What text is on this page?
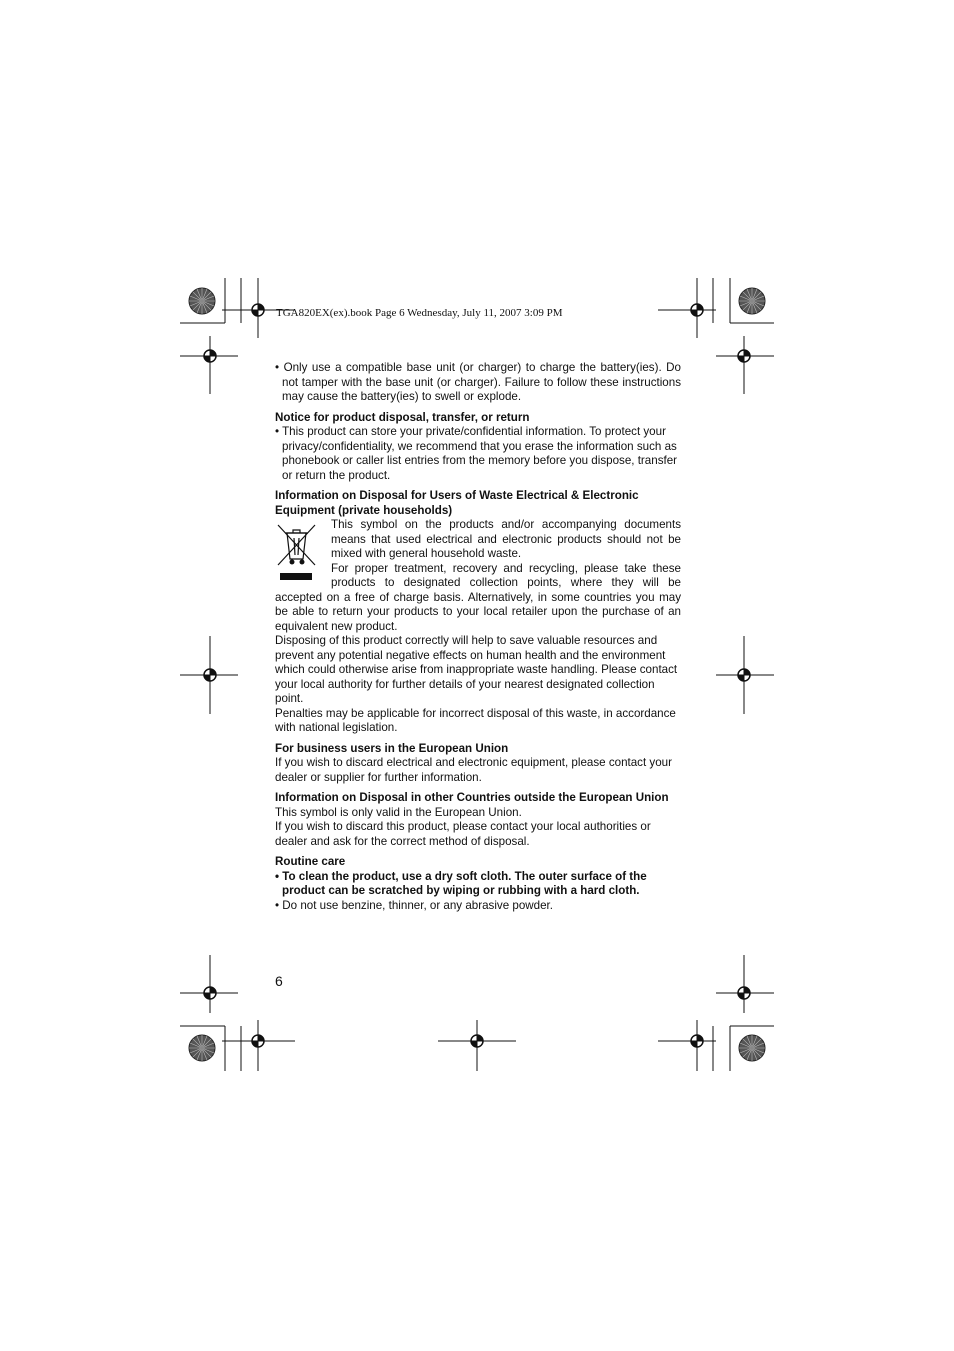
TGA820EX(ex).book Page 6 Wednesday, July 11, 2007 3:09 PM

• Only use a compatible base unit (or charger) to charge the battery(ies). Do not tamper with the base unit (or charger). Failure to follow these instructions may cause the battery(ies) to swell or explode.

Notice for product disposal, transfer, or return

• This product can store your private/confidential information. To protect your privacy/confidentiality, we recommend that you erase the information such as phonebook or caller list entries from the memory before you dispose, transfer or return the product.

Information on Disposal for Users of Waste Electrical & Electronic Equipment (private households)

This symbol on the products and/or accompanying documents means that used electrical and electronic products should not be mixed with general household waste.

For proper treatment, recovery and recycling, please take these products to designated collection points, where they will be accepted on a free of charge basis. Alternatively, in some countries you may be able to return your products to your local retailer upon the purchase of an equivalent new product.

Disposing of this product correctly will help to save valuable resources and prevent any potential negative effects on human health and the environment which could otherwise arise from inappropriate waste handling. Please contact your local authority for further details of your nearest designated collection point.

Penalties may be applicable for incorrect disposal of this waste, in accordance with national legislation.

For business users in the European Union

If you wish to discard electrical and electronic equipment, please contact your dealer or supplier for further information.

Information on Disposal in other Countries outside the European Union

This symbol is only valid in the European Union.

If you wish to discard this product, please contact your local authorities or dealer and ask for the correct method of disposal.

Routine care

• To clean the product, use a dry soft cloth. The outer surface of the product can be scratched by wiping or rubbing with a hard cloth.

• Do not use benzine, thinner, or any abrasive powder.

6
